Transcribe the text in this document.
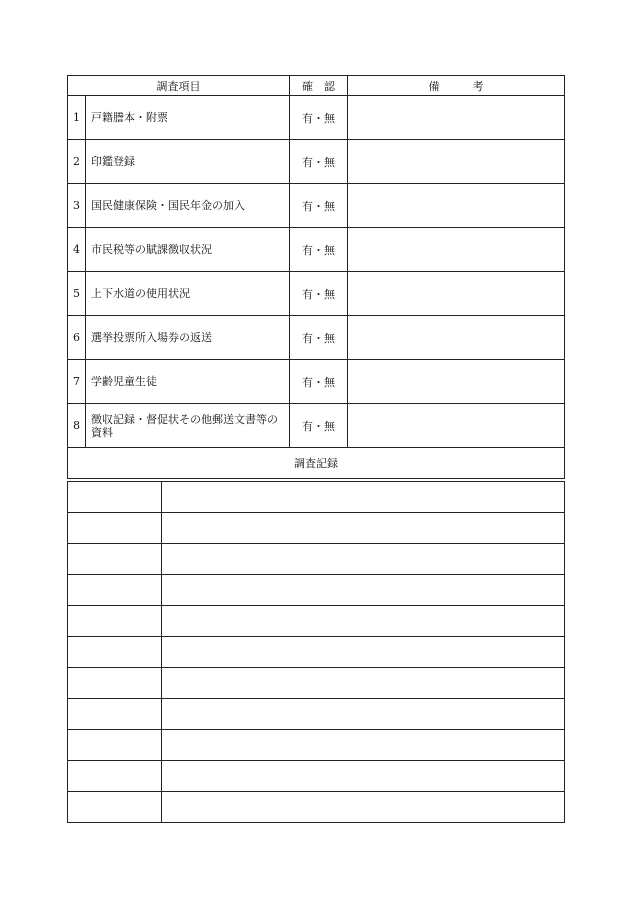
調査項目		確　認	備　　　考
1	戸籍謄本・附票	有・無	
2	印鑑登録	有・無	
3	国民健康保険・国民年金の加入	有・無	
4	市民税等の賦課徴収状況	有・無	
5	上下水道の使用状況	有・無	
6	選挙投票所入場券の返送	有・無	
7	学齢児童生徒	有・無	
8	徴収記録・督促状その他郵送文書等の資料	有・無	
調査記録			
